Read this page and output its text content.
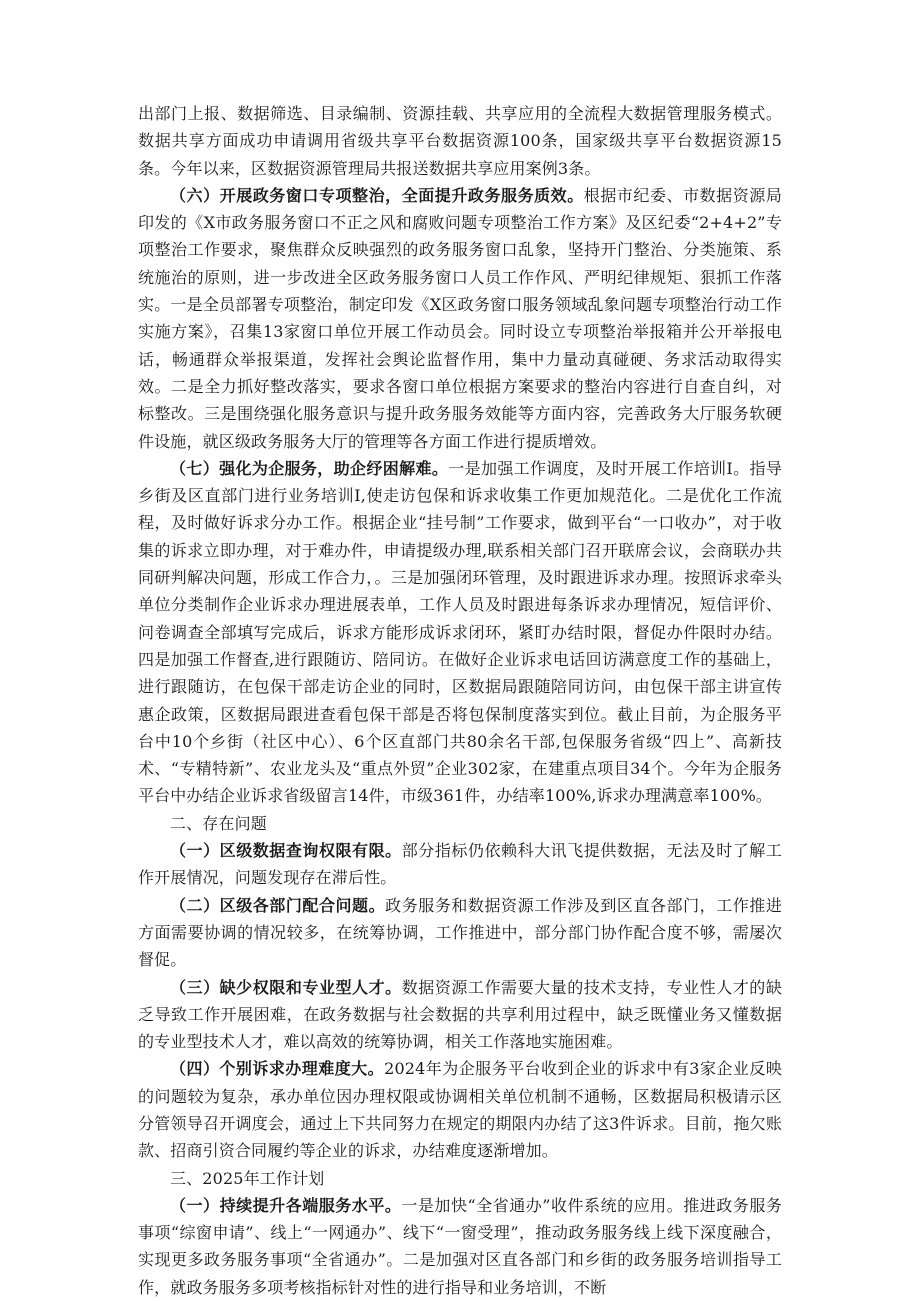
出部门上报、数据筛选、目录编制、资源挂载、共享应用的全流程大数据管理服务模式。数据共享方面成功申请调用省级共享平台数据资源100条，国家级共享平台数据资源15条。今年以来，区数据资源管理局共报送数据共享应用案例3条。

（六）开展政务窗口专项整治，全面提升政务服务质效。根据市纪委、市数据资源局印发的《X市政务服务窗口不正之风和腐败问题专项整治工作方案》及区纪委“2+4+2”专项整治工作要求，聚焦群众反映强烈的政务服务窗口乱象，坚持开门整治、分类施策、系统施治的原则，进一步改进全区政务服务窗口人员工作作风、严明纪律规矩、狠抓工作落实。一是全员部署专项整治，制定印发《X区政务窗口服务领域乱象问题专项整治行动工作实施方案》，召集13家窗口单位开展工作动员会。同时设立专项整治举报箱并公开举报电话，畅通群众举报渠道，发挥社会舆论监督作用，集中力量动真碰硬、务求活动取得实效。二是全力抓好整改落实，要求各窗口单位根据方案要求的整治内容进行自查自纠，对标整改。三是围绕强化服务意识与提升政务服务效能等方面内容，完善政务大厅服务软硬件设施，就区级政务服务大厅的管理等各方面工作进行提质增效。

（七）强化为企服务，助企纾困解难。一是加强工作调度，及时开展工作培训I。指导乡街及区直部门进行业务培训I,使走访包保和诉求收集工作更加规范化。二是优化工作流程，及时做好诉求分办工作。根据企业“挂号制”工作要求，做到平台“一口收办”，对于收集的诉求立即办理，对于难办件，申请提级办理,联系相关部门召开联席会议，会商联办共同研判解决问题，形成工作合力，。三是加强闭环管理，及时跟进诉求办理。按照诉求牵头单位分类制作企业诉求办理进展表单，工作人员及时跟进每条诉求办理情况，短信评价、问卷调查全部填写完成后，诉求方能形成诉求闭环，紧盯办结时限，督促办件限时办结。四是加强工作督查,进行跟随访、陪同访。在做好企业诉求电话回访满意度工作的基础上，进行跟随访，在包保干部走访企业的同时，区数据局跟随陪同访问，由包保干部主讲宣传惠企政策，区数据局跟进查看包保干部是否将包保制度落实到位。截止目前，为企服务平台中10个乡街（社区中心）、6个区直部门共80余名干部,包保服务省级“四上”、高新技术、“专精特新”、农业龙头及“重点外贸”企业302家，在建重点项目34个。今年为企服务平台中办结企业诉求省级留言14件，市级361件，办结率100%,诉求办理满意率100%。

二、存在问题

（一）区级数据查询权限有限。部分指标仍依赖科大讯飞提供数据，无法及时了解工作开展情况，问题发现存在滞后性。

（二）区级各部门配合问题。政务服务和数据资源工作涉及到区直各部门，工作推进方面需要协调的情况较多，在统筹协调，工作推进中，部分部门协作配合度不够，需屡次督促。

（三）缺少权限和专业型人才。数据资源工作需要大量的技术支持，专业性人才的缺乏导致工作开展困难，在政务数据与社会数据的共享利用过程中，缺乏既懂业务又懂数据的专业型技术人才，难以高效的统筹协调，相关工作落地实施困难。

（四）个别诉求办理难度大。2024年为企服务平台收到企业的诉求中有3家企业反映的问题较为复杂，承办单位因办理权限或协调相关单位机制不通畅，区数据局积极请示区分管领导召开调度会，通过上下共同努力在规定的期限内办结了这3件诉求。目前，拖欠账款、招商引资合同履约等企业的诉求，办结难度逐渐增加。

三、2025年工作计划

（一）持续提升各端服务水平。一是加快“全省通办”收件系统的应用。推进政务服务事项“综窗申请”、线上“一网通办”、线下“一窗受理”，推动政务服务线上线下深度融合，实现更多政务服务事项“全省通办”。二是加强对区直各部门和乡街的政务服务培训指导工作，就政务服务多项考核指标针对性的进行指导和业务培训，不断
